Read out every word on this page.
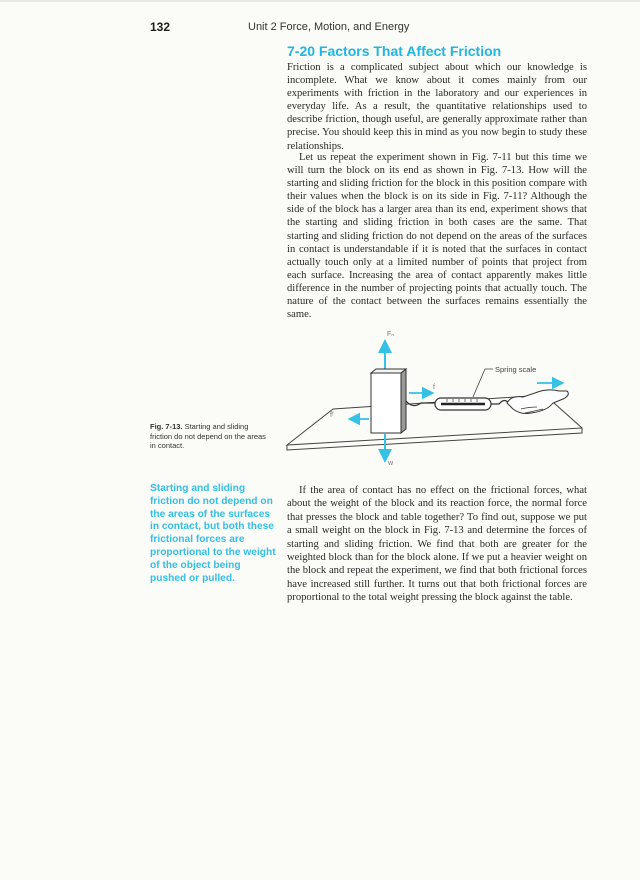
132	Unit 2 Force, Motion, and Energy
7-20 Factors That Affect Friction

Friction is a complicated subject about which our knowledge is incomplete. What we know about it comes mainly from our experiments with friction in the laboratory and our experiences in everyday life. As a result, the quantitative relationships used to describe friction, though useful, are generally approximate rather than precise. You should keep this in mind as you now begin to study these relationships.

Let us repeat the experiment shown in Fig. 7-11 but this time we will turn the block on its end as shown in Fig. 7-13. How will the starting and sliding friction for the block in this position compare with their values when the block is on its side in Fig. 7-11? Although the side of the block has a larger area than its end, experiment shows that the starting and sliding friction in both cases are the same. That starting and sliding friction do not depend on the areas of the surfaces in contact is understandable if it is noted that the surfaces in contact actually touch only at a limited number of points that project from each surface. Increasing the area of contact apparently makes little difference in the number of projecting points that actually touch. The nature of the contact between the surfaces remains essentially the same.

Fₙ
w
fᶠ
f
Spring scale
Fig. 7-13. Starting and sliding friction do not depend on the areas in contact.
Starting and sliding friction do not depend on the areas of the surfaces in contact, but both these frictional forces are proportional to the weight of the object being pushed or pulled.

If the area of contact has no effect on the frictional forces, what about the weight of the block and its reaction force, the normal force that presses the block and table together? To find out, suppose we put a small weight on the block in Fig. 7-13 and determine the forces of starting and sliding friction. We find that both are greater for the weighted block than for the block alone. If we put a heavier weight on the block and repeat the experiment, we find that both frictional forces have increased still further. It turns out that both frictional forces are proportional to the total weight pressing the block against the table.
